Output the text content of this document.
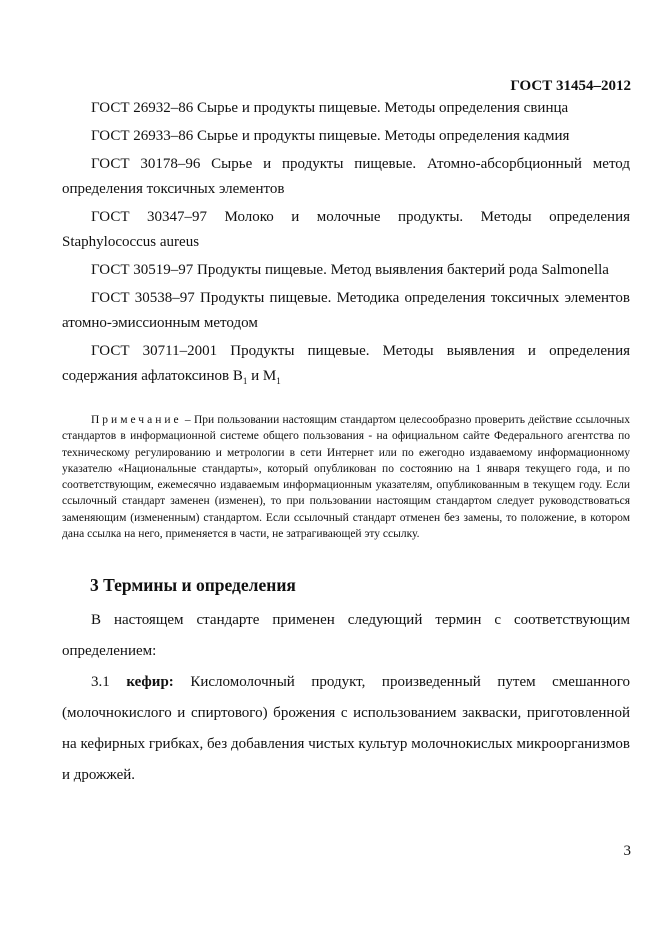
ГОСТ 31454–2012

ГОСТ 26932–86 Сырье и продукты пищевые. Методы определения свинца

ГОСТ 26933–86 Сырье и продукты пищевые. Методы определения кадмия

ГОСТ 30178–96 Сырье и продукты пищевые. Атомно-абсорбционный метод
определения токсичных элементов

ГОСТ 30347–97 Молоко и молочные продукты. Методы определения
Staphylococcus aureus

ГОСТ 30519–97 Продукты пищевые. Метод выявления бактерий рода Salmonella

ГОСТ 30538–97 Продукты пищевые. Методика определения токсичных элементов
атомно-эмиссионным методом

ГОСТ 30711–2001 Продукты пищевые. Методы выявления и определения
содержания афлатоксинов $B_1$ и $M_1$

Примечание – При пользовании настоящим стандартом целесообразно проверить действие ссылочных стандартов в информационной системе общего пользования - на официальном сайте Федерального агентства по техническому регулированию и метрологии в сети Интернет или по ежегодно издаваемому информационному указателю «Национальные стандарты», который опубликован по состоянию на 1 января текущего года, и по соответствующим, ежемесячно издаваемым информационным указателям, опубликованным в текущем году. Если ссылочный стандарт заменен (изменен), то при пользовании настоящим стандартом следует руководствоваться заменяющим (измененным) стандартом. Если ссылочный стандарт отменен без замены, то положение, в котором дана ссылка на него, применяется в части, не затрагивающей эту ссылку.

3 Термины и определения

В настоящем стандарте применен следующий термин с соответствующим определением:

3.1 кефир: Кисломолочный продукт, произведенный путем смешанного (молочнокислого и спиртового) брожения с использованием закваски, приготовленной на кефирных грибках, без добавления чистых культур молочнокислых микроорганизмов и дрожжей.

3
